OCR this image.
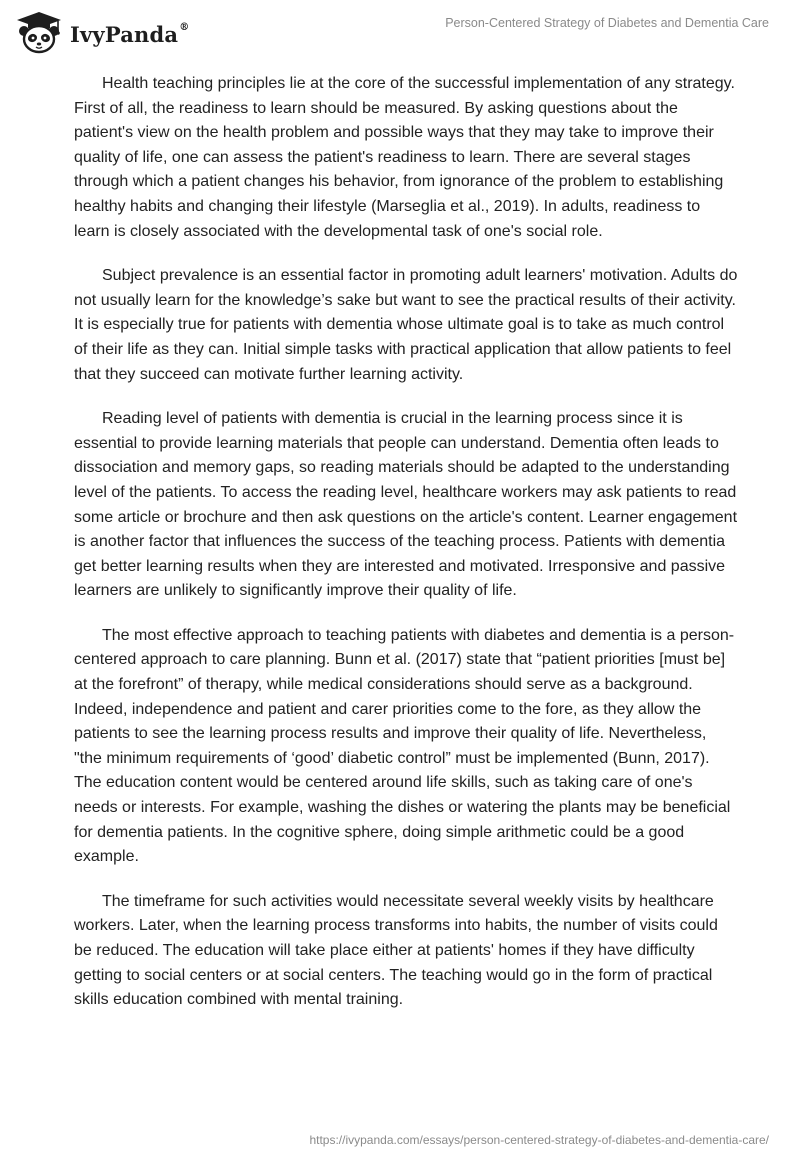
IvyPanda®	Person-Centered Strategy of Diabetes and Dementia Care

Health teaching principles lie at the core of the successful implementation of any strategy. First of all, the readiness to learn should be measured. By asking questions about the patient's view on the health problem and possible ways that they may take to improve their quality of life, one can assess the patient's readiness to learn. There are several stages through which a patient changes his behavior, from ignorance of the problem to establishing healthy habits and changing their lifestyle (Marseglia et al., 2019). In adults, readiness to learn is closely associated with the developmental task of one's social role.

Subject prevalence is an essential factor in promoting adult learners' motivation. Adults do not usually learn for the knowledge’s sake but want to see the practical results of their activity. It is especially true for patients with dementia whose ultimate goal is to take as much control of their life as they can. Initial simple tasks with practical application that allow patients to feel that they succeed can motivate further learning activity.

Reading level of patients with dementia is crucial in the learning process since it is essential to provide learning materials that people can understand. Dementia often leads to dissociation and memory gaps, so reading materials should be adapted to the understanding level of the patients. To access the reading level, healthcare workers may ask patients to read some article or brochure and then ask questions on the article's content. Learner engagement is another factor that influences the success of the teaching process. Patients with dementia get better learning results when they are interested and motivated. Irresponsive and passive learners are unlikely to significantly improve their quality of life.

The most effective approach to teaching patients with diabetes and dementia is a person-centered approach to care planning. Bunn et al. (2017) state that “patient priorities [must be] at the forefront” of therapy, while medical considerations should serve as a background. Indeed, independence and patient and carer priorities come to the fore, as they allow the patients to see the learning process results and improve their quality of life. Nevertheless, "the minimum requirements of ‘good’ diabetic control” must be implemented (Bunn, 2017). The education content would be centered around life skills, such as taking care of one's needs or interests. For example, washing the dishes or watering the plants may be beneficial for dementia patients. In the cognitive sphere, doing simple arithmetic could be a good example.

The timeframe for such activities would necessitate several weekly visits by healthcare workers. Later, when the learning process transforms into habits, the number of visits could be reduced. The education will take place either at patients' homes if they have difficulty getting to social centers or at social centers. The teaching would go in the form of practical skills education combined with mental training.

https://ivypanda.com/essays/person-centered-strategy-of-diabetes-and-dementia-care/
